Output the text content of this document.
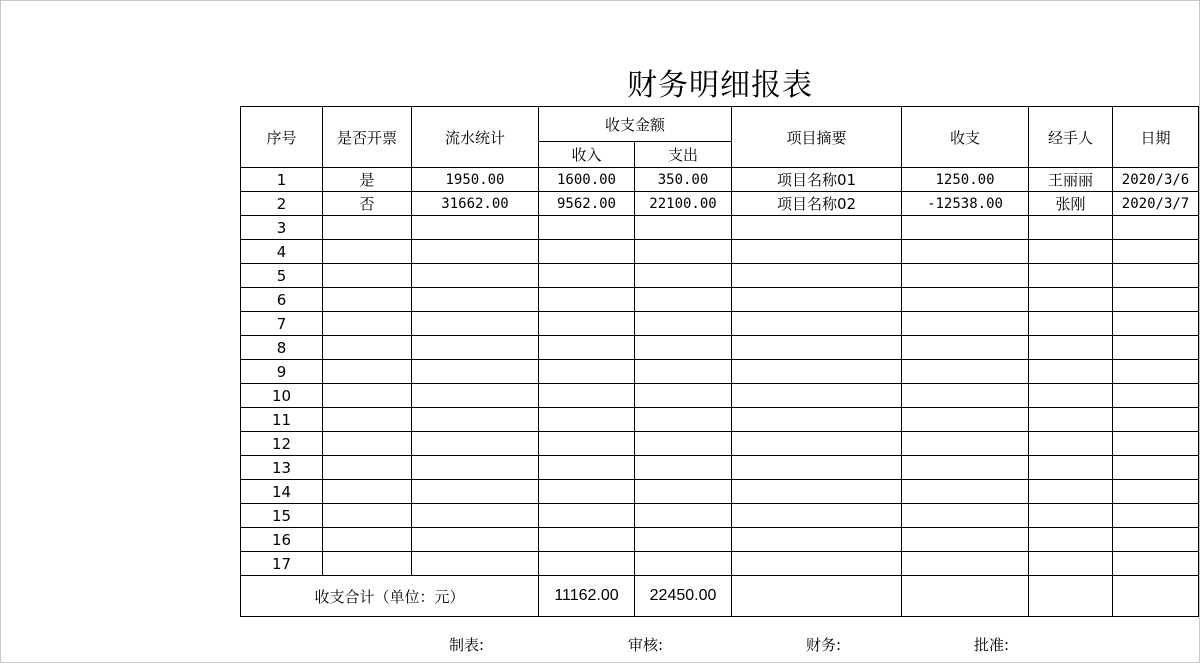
财务明细报表
序号	是否开票	流水统计	收支金额		项目摘要	收支	经手人	日期
			收入	支出				
1	是	1950.00	1600.00	350.00	项目名称01	1250.00	王丽丽	2020/3/6
2	否	31662.00	9562.00	22100.00	项目名称02	-12538.00	张刚	2020/3/7
3								
4								
5								
6								
7								
8								
9								
10								
11								
12								
13								
14								
15								
16								
17								
收支合计（单位：元）			11162.00	22450.00				
制表:	审核:	财务:	批准:
